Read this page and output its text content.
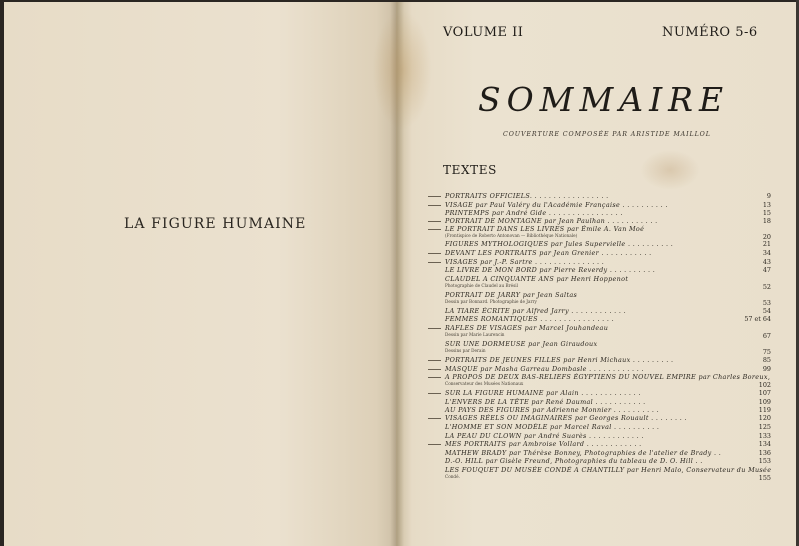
LA FIGURE HUMAINE
VOLUME II	NUMÉRO 5-6
SOMMAIRE
COUVERTURE COMPOSÉE PAR ARISTIDE MAILLOL
TEXTES
PORTRAITS OFFICIELS. . . . . . . . . . . . . . . . .	9
VISAGE par Paul Valéry du l'Académie Française . . . . . . . . . .	13
PRINTEMPS par André Gide . . . . . . . . . . . . . . . .	15
PORTRAIT DE MONTAGNE par Jean Paulhan . . . . . . . . . . .	18
LE PORTRAIT DANS LES LIVRES par Émile A. Van Moé
(Frontispice de Roberto Antonovan — Bibliothèque Nationale)	20
FIGURES MYTHOLOGIQUES par Jules Supervielle . . . . . . . . . .	21
DEVANT LES PORTRAITS par Jean Grenier . . . . . . . . . . .	34
VISAGES par J.-P. Sartre . . . . . . . . . . . . . . .	43
LE LIVRE DE MON BORD par Pierre Reverdy . . . . . . . . . .	47
CLAUDEL A CINQUANTE ANS par Henri Hoppenot
Photographie de Claudel au Brésil	52
PORTRAIT DE JARRY par Jean Saltas
Dessin par Bonnard. Photographie de Jarry	53
LA TIARE ÉCRITE par Alfred Jarry . . . . . . . . . . . .	54
FEMMES ROMANTIQUES . . . . . . . . . . . . . . . .	57 et 64
RAFLES DE VISAGES par Marcel Jouhandeau
Dessin par Marie Laurencin	67
SUR UNE DORMEUSE par Jean Giraudoux
Dessins par Derain	75
PORTRAITS DE JEUNES FILLES par Henri Michaux . . . . . . . . .	85
MASQUE par Masha Garreau Dombasle . . . . . . . . . . . .	99
A PROPOS DE DEUX BAS-RELIEFS ÉGYPTIENS DU NOUVEL EMPIRE par Charles Boreux,
Conservateur des Musées Nationaux	102
SUR LA FIGURE HUMAINE par Alain . . . . . . . . . . . . .	107
L'ENVERS DE LA TÊTE par René Daumal . . . . . . . . . . .	109
AU PAYS DES FIGURES par Adrienne Monnier . . . . . . . . . .	119
VISAGES RÉELS OU IMAGINAIRES par Georges Rouault . . . . . . . .	120
L'HOMME ET SON MODÈLE par Marcel Raval . . . . . . . . . .	125
LA PEAU DU CLOWN par André Suarès . . . . . . . . . . . .	133
MES PORTRAITS par Ambroise Vollard . . . . . . . . . . . .	134
MATHEW BRADY par Thérèse Bonney, Photographies de l'atelier de Brady . .	136
D.-O. HILL par Gisèle Freund, Photographies du tableau de D. O. Hill . .	153
LES FOUQUET DU MUSÉE CONDÉ A CHANTILLY par Henri Malo, Conservateur du Musée
Condé.	155
